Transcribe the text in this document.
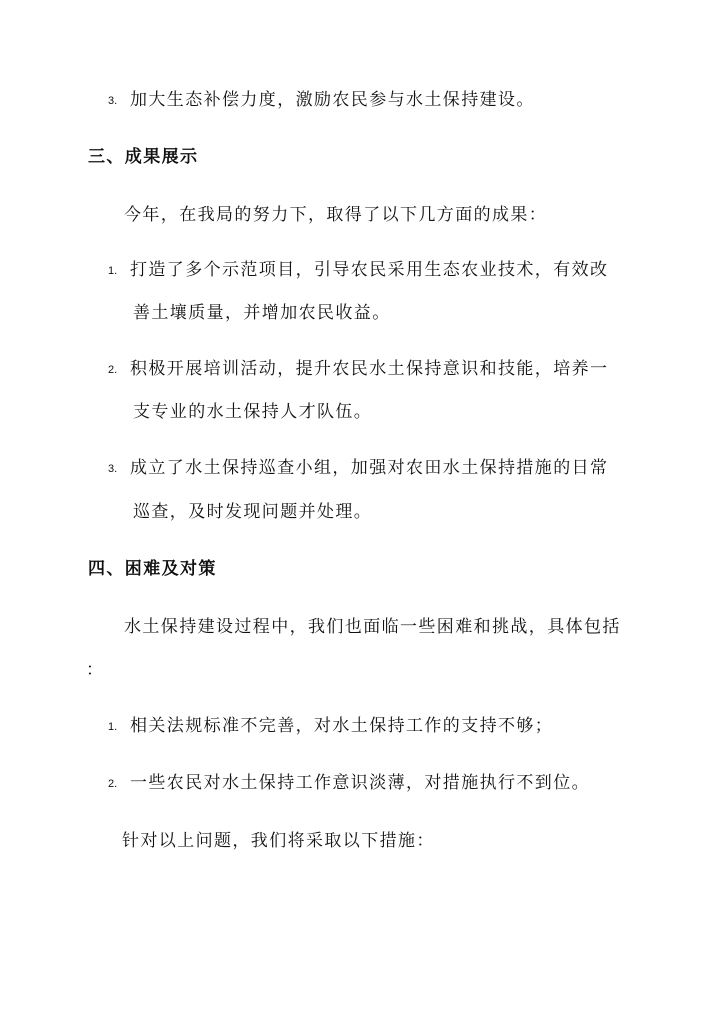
3. 加大生态补偿力度，激励农民参与水土保持建设。
三、成果展示
今年，在我局的努力下，取得了以下几方面的成果：
1. 打造了多个示范项目，引导农民采用生态农业技术，有效改
善土壤质量，并增加农民收益。
2. 积极开展培训活动，提升农民水土保持意识和技能，培养一
支专业的水土保持人才队伍。
3. 成立了水土保持巡查小组，加强对农田水土保持措施的日常
巡查，及时发现问题并处理。
四、困难及对策
水土保持建设过程中，我们也面临一些困难和挑战，具体包括
：
1. 相关法规标准不完善，对水土保持工作的支持不够；
2. 一些农民对水土保持工作意识淡薄，对措施执行不到位。
针对以上问题，我们将采取以下措施：
